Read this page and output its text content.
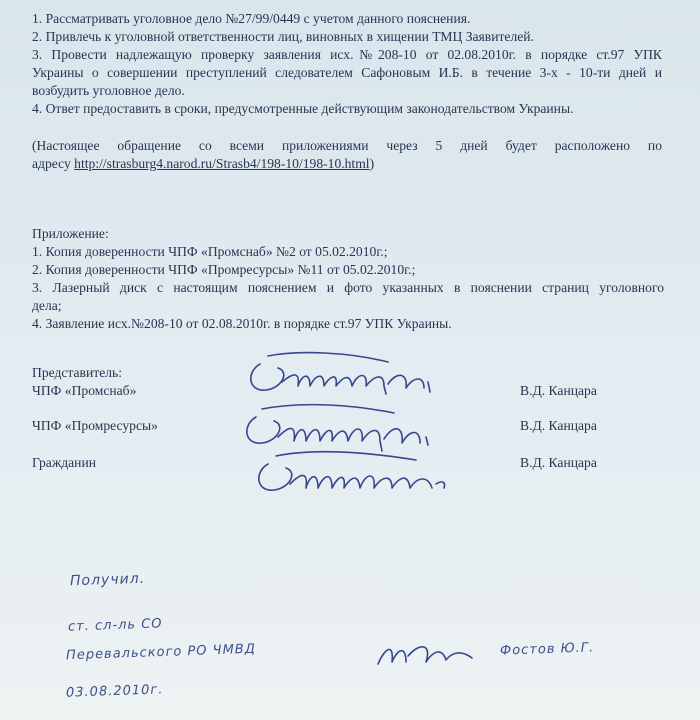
1. Рассматривать уголовное дело №27/99/0449 с учетом данного пояснения.
2. Привлечь к уголовной ответственности лиц, виновных в хищении ТМЦ Заявителей.
3. Провести надлежащую проверку заявления исх.№208-10 от 02.08.2010г. в порядке ст.97 УПК
Украины о совершении преступлений следователем Сафоновым И.Б. в течение 3-х - 10-ти дней и
возбудить уголовное дело.
4. Ответ предоставить в сроки, предусмотренные действующим законодательством Украины.
(Настоящее обращение со всеми приложениями через 5 дней будет расположено по
адресу http://strasburg4.narod.ru/Strasb4/198-10/198-10.html)
Приложение:
1. Копия доверенности ЧПФ «Промснаб» №2 от 05.02.2010г.;
2. Копия доверенности ЧПФ «Промресурсы» №11 от 05.02.2010г.;
3. Лазерный диск с настоящим пояснением и фото указанных в пояснении страниц уголовного
дела;
4. Заявление исх.№208-10 от 02.08.2010г. в порядке ст.97 УПК Украины.
Представитель:
ЧПФ «Промснаб»	В.Д. Канцара
ЧПФ «Промресурсы»	В.Д. Канцара
Гражданин	В.Д. Канцара
Получил.
ст. сл-ль СО
Перевальского РО ЧМВД	Фостов Ю.Г.
03.08.2010г.
